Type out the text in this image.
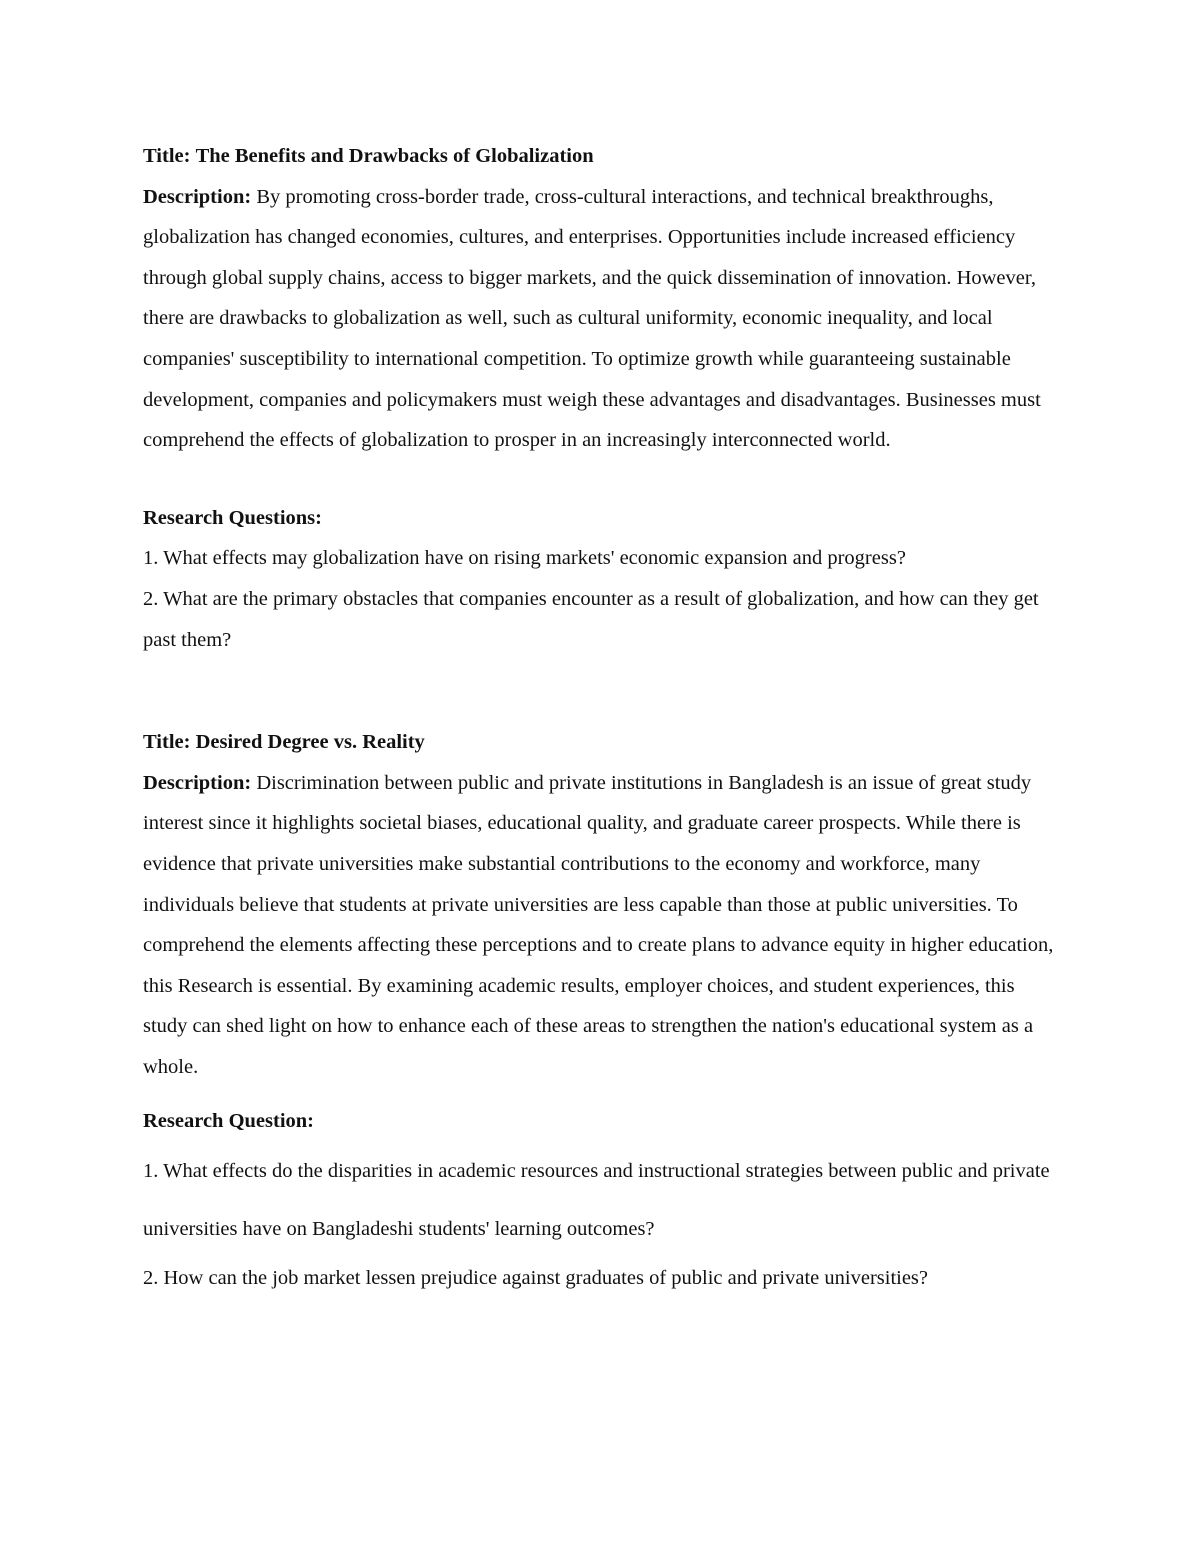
Title: The Benefits and Drawbacks of Globalization

Description: By promoting cross-border trade, cross-cultural interactions, and technical breakthroughs, globalization has changed economies, cultures, and enterprises. Opportunities include increased efficiency through global supply chains, access to bigger markets, and the quick dissemination of innovation. However, there are drawbacks to globalization as well, such as cultural uniformity, economic inequality, and local companies' susceptibility to international competition. To optimize growth while guaranteeing sustainable development, companies and policymakers must weigh these advantages and disadvantages. Businesses must comprehend the effects of globalization to prosper in an increasingly interconnected world.

Research Questions:

1. What effects may globalization have on rising markets' economic expansion and progress?

2. What are the primary obstacles that companies encounter as a result of globalization, and how can they get past them?

Title: Desired Degree vs. Reality

Description: Discrimination between public and private institutions in Bangladesh is an issue of great study interest since it highlights societal biases, educational quality, and graduate career prospects. While there is evidence that private universities make substantial contributions to the economy and workforce, many individuals believe that students at private universities are less capable than those at public universities. To comprehend the elements affecting these perceptions and to create plans to advance equity in higher education, this Research is essential. By examining academic results, employer choices, and student experiences, this study can shed light on how to enhance each of these areas to strengthen the nation's educational system as a whole.

Research Question:

1. What effects do the disparities in academic resources and instructional strategies between public and private universities have on Bangladeshi students' learning outcomes?

2. How can the job market lessen prejudice against graduates of public and private universities?
